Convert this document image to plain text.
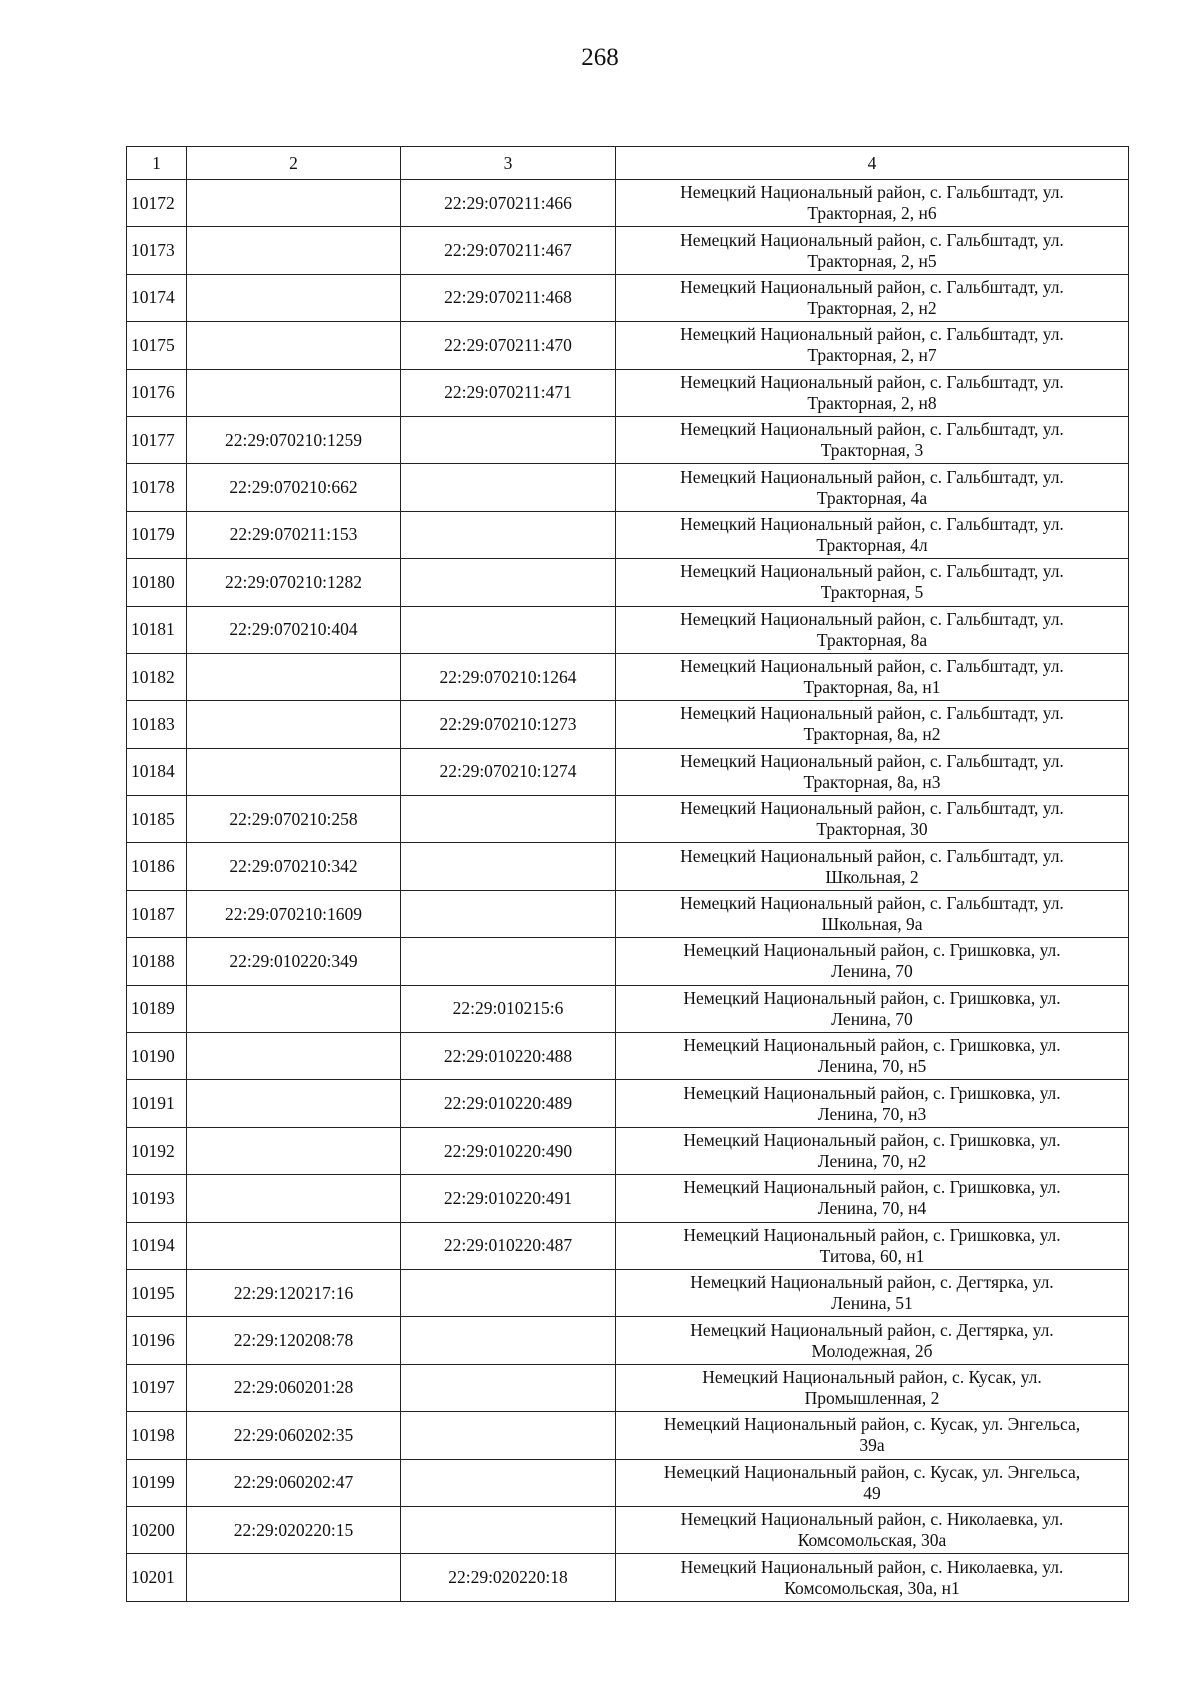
268
1	2	3	4
10172		22:29:070211:466	Немецкий Национальный район, с. Гальбштадт, ул.
Тракторная, 2, н6

10173		22:29:070211:467	Немецкий Национальный район, с. Гальбштадт, ул.
Тракторная, 2, н5

10174		22:29:070211:468	Немецкий Национальный район, с. Гальбштадт, ул.
Тракторная, 2, н2

10175		22:29:070211:470	Немецкий Национальный район, с. Гальбштадт, ул.
Тракторная, 2, н7

10176		22:29:070211:471	Немецкий Национальный район, с. Гальбштадт, ул.
Тракторная, 2, н8

10177	22:29:070210:1259		Немецкий Национальный район, с. Гальбштадт, ул.
Тракторная, 3

10178	22:29:070210:662		Немецкий Национальный район, с. Гальбштадт, ул.
Тракторная, 4а

10179	22:29:070211:153		Немецкий Национальный район, с. Гальбштадт, ул.
Тракторная, 4л

10180	22:29:070210:1282		Немецкий Национальный район, с. Гальбштадт, ул.
Тракторная, 5

10181	22:29:070210:404		Немецкий Национальный район, с. Гальбштадт, ул.
Тракторная, 8а

10182		22:29:070210:1264	Немецкий Национальный район, с. Гальбштадт, ул.
Тракторная, 8а, н1

10183		22:29:070210:1273	Немецкий Национальный район, с. Гальбштадт, ул.
Тракторная, 8а, н2

10184		22:29:070210:1274	Немецкий Национальный район, с. Гальбштадт, ул.
Тракторная, 8а, н3

10185	22:29:070210:258		Немецкий Национальный район, с. Гальбштадт, ул.
Тракторная, 30

10186	22:29:070210:342		Немецкий Национальный район, с. Гальбштадт, ул.
Школьная, 2

10187	22:29:070210:1609		Немецкий Национальный район, с. Гальбштадт, ул.
Школьная, 9а

10188	22:29:010220:349		Немецкий Национальный район, с. Гришковка, ул.
Ленина, 70

10189		22:29:010215:6	Немецкий Национальный район, с. Гришковка, ул.
Ленина, 70

10190		22:29:010220:488	Немецкий Национальный район, с. Гришковка, ул.
Ленина, 70, н5

10191		22:29:010220:489	Немецкий Национальный район, с. Гришковка, ул.
Ленина, 70, н3

10192		22:29:010220:490	Немецкий Национальный район, с. Гришковка, ул.
Ленина, 70, н2

10193		22:29:010220:491	Немецкий Национальный район, с. Гришковка, ул.
Ленина, 70, н4

10194		22:29:010220:487	Немецкий Национальный район, с. Гришковка, ул.
Титова, 60, н1

10195	22:29:120217:16		Немецкий Национальный район, с. Дегтярка, ул.
Ленина, 51

10196	22:29:120208:78		Немецкий Национальный район, с. Дегтярка, ул.
Молодежная, 2б

10197	22:29:060201:28		Немецкий Национальный район, с. Кусак, ул.
Промышленная, 2

10198	22:29:060202:35		Немецкий Национальный район, с. Кусак, ул. Энгельса,
39а

10199	22:29:060202:47		Немецкий Национальный район, с. Кусак, ул. Энгельса,
49

10200	22:29:020220:15		Немецкий Национальный район, с. Николаевка, ул.
Комсомольская, 30а

10201		22:29:020220:18	Немецкий Национальный район, с. Николаевка, ул.
Комсомольская, 30а, н1
